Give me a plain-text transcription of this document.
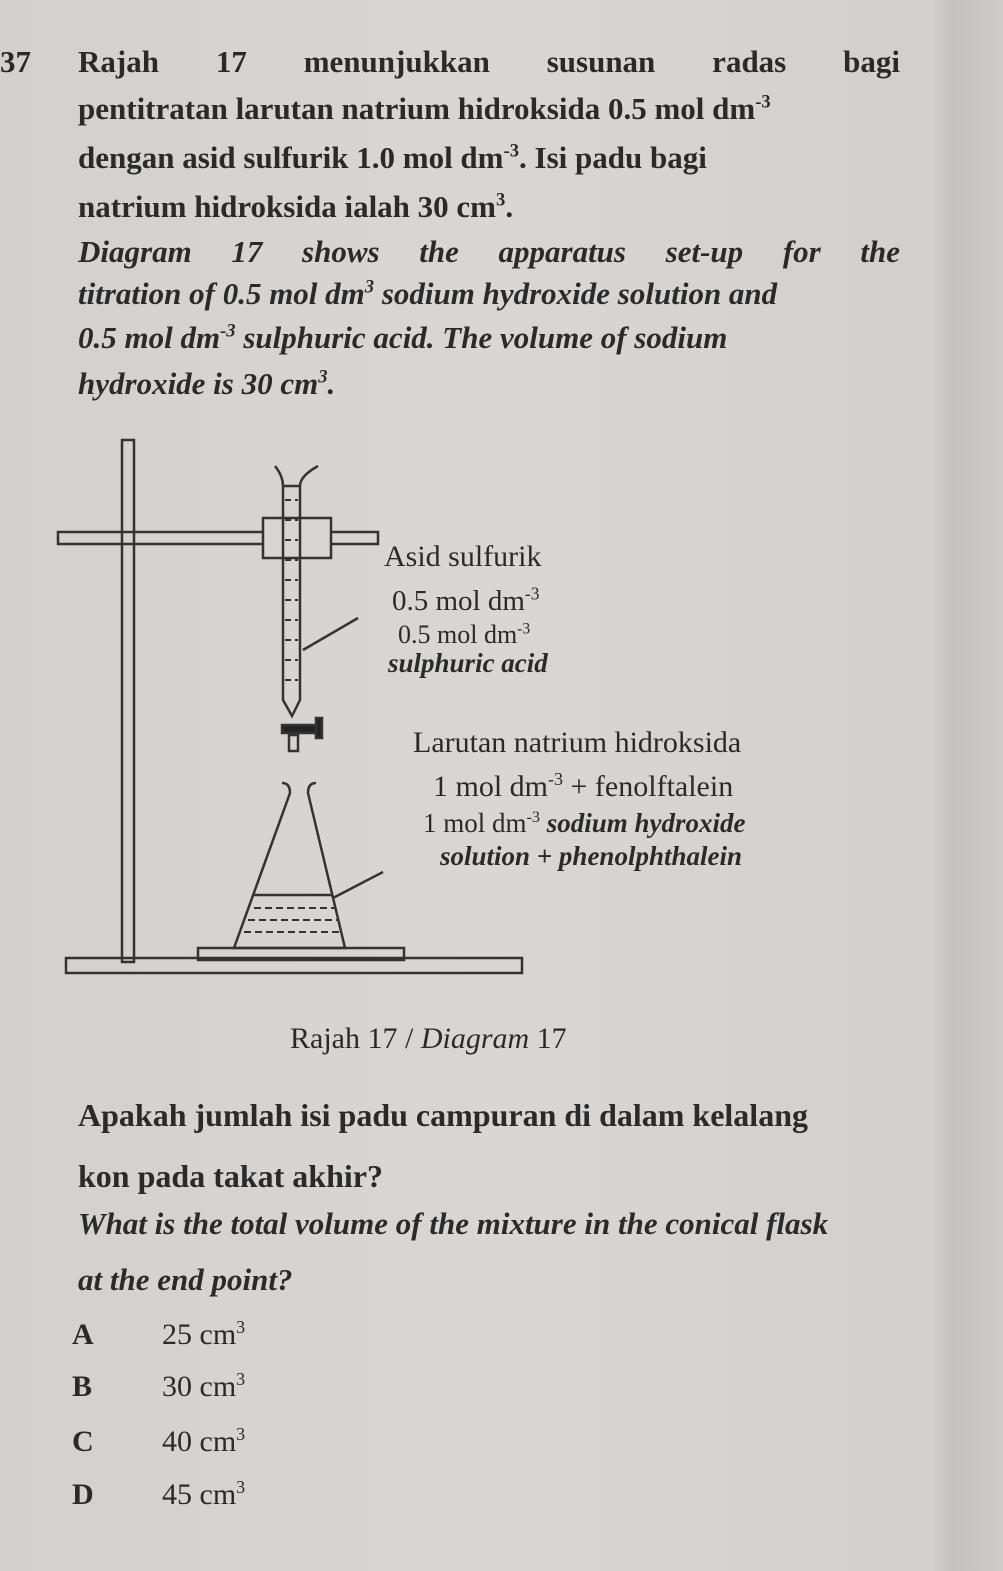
37 Rajah 17 menunjukkan susunan radas bagi
pentitratan larutan natrium hidroksida 0.5 mol $dm^{-3}$
dengan asid sulfurik 1.0 mol $dm^{-3}$. Isi padu bagi
natrium hidroksida ialah 30 $cm^3$.
Diagram 17 shows the apparatus set-up for the
titration of 0.5 mol $dm^3$ sodium hydroxide solution and
0.5 mol $dm^{-3}$ sulphuric acid. The volume of sodium
hydroxide is 30 $cm^3$.
Asid sulfurik
0.5 mol $dm^{-3}$
0.5 mol $dm^{-3}$
sulphuric acid
Larutan natrium hidroksida
1 mol $dm^{-3}$ + fenolftalein
1 mol $dm^{-3}$ sodium hydroxide
solution + phenolphthalein
Rajah 17 / Diagram 17
Apakah jumlah isi padu campuran di dalam kelalang
kon pada takat akhir?
What is the total volume of the mixture in the conical flask
at the end point?
A 25 $cm^3$
B 30 $cm^3$
C 40 $cm^3$
D 45 $cm^3$
